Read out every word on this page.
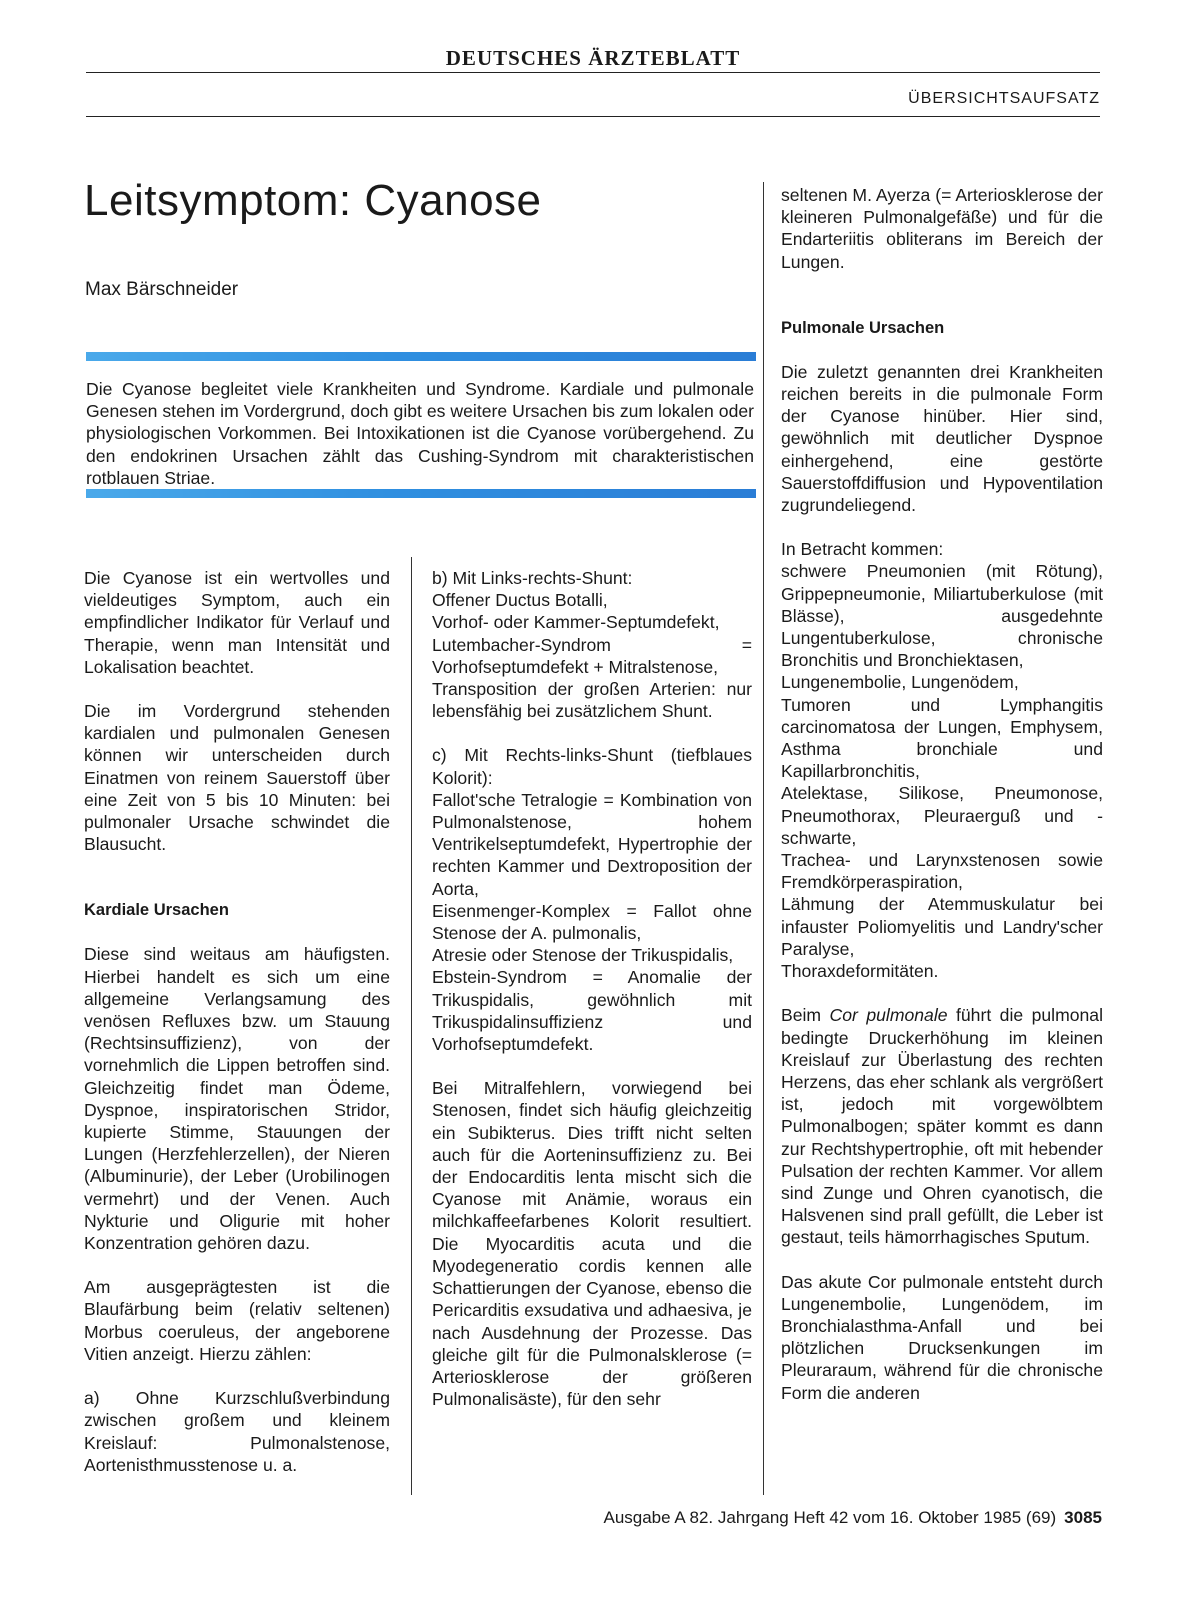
DEUTSCHES ÄRZTEBLATT
ÜBERSICHTSAUFSATZ
Leitsymptom: Cyanose
Max Bärschneider
Die Cyanose begleitet viele Krankheiten und Syndrome. Kardiale und pulmonale Genesen stehen im Vordergrund, doch gibt es weitere Ursachen bis zum lokalen oder physiologischen Vorkommen. Bei Intoxikationen ist die Cyanose vorübergehend. Zu den endokrinen Ursachen zählt das Cushing-Syndrom mit charakteristischen rotblauen Striae.

Die Cyanose ist ein wertvolles und vieldeutiges Symptom, auch ein empfindlicher Indikator für Verlauf und Therapie, wenn man Intensität und Lokalisation beachtet.

Die im Vordergrund stehenden kardialen und pulmonalen Genesen können wir unterscheiden durch Einatmen von reinem Sauerstoff über eine Zeit von 5 bis 10 Minuten: bei pulmonaler Ursache schwindet die Blausucht.

Kardiale Ursachen

Diese sind weitaus am häufigsten. Hierbei handelt es sich um eine allgemeine Verlangsamung des venösen Refluxes bzw. um Stauung (Rechtsinsuffizienz), von der vornehmlich die Lippen betroffen sind. Gleichzeitig findet man Ödeme, Dyspnoe, inspiratorischen Stridor, kupierte Stimme, Stauungen der Lungen (Herzfehlerzellen), der Nieren (Albuminurie), der Leber (Urobilinogen vermehrt) und der Venen. Auch Nykturie und Oligurie mit hoher Konzentration gehören dazu.

Am ausgeprägtesten ist die Blaufärbung beim (relativ seltenen) Morbus coeruleus, der angeborene Vitien anzeigt. Hierzu zählen:

a) Ohne Kurzschlußverbindung zwischen großem und kleinem Kreislauf: Pulmonalstenose, Aortenisthmusstenose u. a.

b) Mit Links-rechts-Shunt:
Offener Ductus Botalli,
Vorhof- oder Kammer-Septumdefekt,
Lutembacher-Syndrom = Vorhofseptumdefekt + Mitralstenose,
Transposition der großen Arterien: nur lebensfähig bei zusätzlichem Shunt.

c) Mit Rechts-links-Shunt (tiefblaues Kolorit):
Fallot'sche Tetralogie = Kombination von Pulmonalstenose, hohem Ventrikelseptumdefekt, Hypertrophie der rechten Kammer und Dextroposition der Aorta,
Eisenmenger-Komplex = Fallot ohne Stenose der A. pulmonalis,
Atresie oder Stenose der Trikuspidalis,
Ebstein-Syndrom = Anomalie der Trikuspidalis, gewöhnlich mit Trikuspidalinsuffizienz und Vorhofseptumdefekt.

Bei Mitralfehlern, vorwiegend bei Stenosen, findet sich häufig gleichzeitig ein Subikterus. Dies trifft nicht selten auch für die Aorteninsuffizienz zu. Bei der Endocarditis lenta mischt sich die Cyanose mit Anämie, woraus ein milchkaffeefarbenes Kolorit resultiert. Die Myocarditis acuta und die Myodegeneratio cordis kennen alle Schattierungen der Cyanose, ebenso die Pericarditis exsudativa und adhaesiva, je nach Ausdehnung der Prozesse. Das gleiche gilt für die Pulmonalsklerose (= Arteriosklerose der größeren Pulmonalisäste), für den sehr

seltenen M. Ayerza (= Arteriosklerose der kleineren Pulmonalgefäße) und für die Endarteriitis obliterans im Bereich der Lungen.

Pulmonale Ursachen

Die zuletzt genannten drei Krankheiten reichen bereits in die pulmonale Form der Cyanose hinüber. Hier sind, gewöhnlich mit deutlicher Dyspnoe einhergehend, eine gestörte Sauerstoffdiffusion und Hypoventilation zugrundeliegend.

In Betracht kommen:
schwere Pneumonien (mit Rötung), Grippepneumonie, Miliartuberkulose (mit Blässe), ausgedehnte Lungentuberkulose, chronische Bronchitis und Bronchiektasen,
Lungenembolie, Lungenödem,
Tumoren und Lymphangitis carcinomatosa der Lungen, Emphysem, Asthma bronchiale und Kapillarbronchitis,
Atelektase, Silikose, Pneumonose, Pneumothorax, Pleuraerguß und -schwarte,
Trachea- und Larynxstenosen sowie Fremdkörperaspiration,
Lähmung der Atemmuskulatur bei infauster Poliomyelitis und Landry'scher Paralyse,
Thoraxdeformitäten.

Beim Cor pulmonale führt die pulmonal bedingte Druckerhöhung im kleinen Kreislauf zur Überlastung des rechten Herzens, das eher schlank als vergrößert ist, jedoch mit vorgewölbtem Pulmonalbogen; später kommt es dann zur Rechtshypertrophie, oft mit hebender Pulsation der rechten Kammer. Vor allem sind Zunge und Ohren cyanotisch, die Halsvenen sind prall gefüllt, die Leber ist gestaut, teils hämorrhagisches Sputum.

Das akute Cor pulmonale entsteht durch Lungenembolie, Lungenödem, im Bronchialasthma-Anfall und bei plötzlichen Drucksenkungen im Pleuraraum, während für die chronische Form die anderen

Ausgabe A 82. Jahrgang Heft 42 vom 16. Oktober 1985 (69) 3085
